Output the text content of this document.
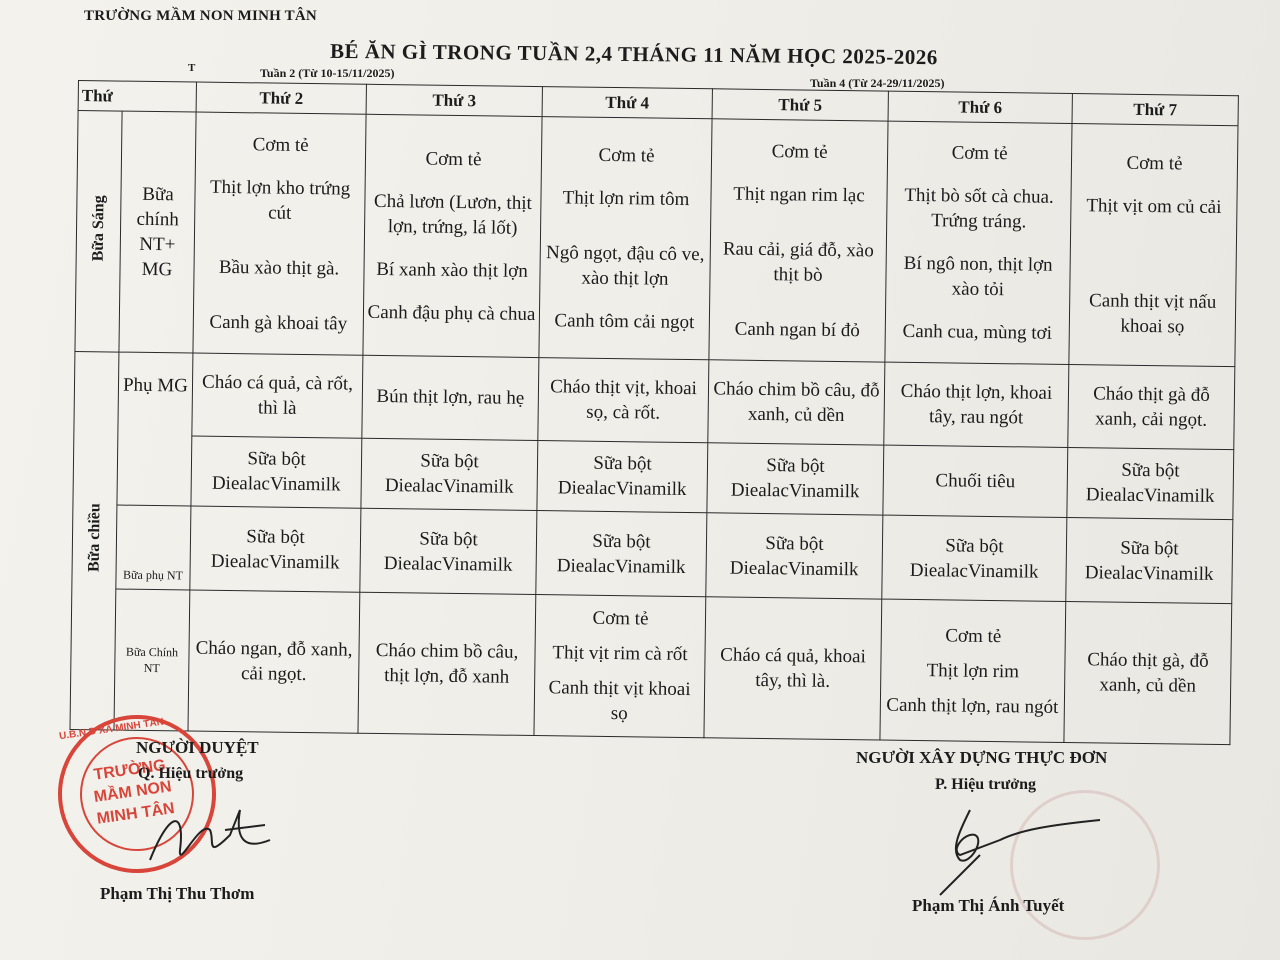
TRƯỜNG MẦM NON MINH TÂN
BÉ ĂN GÌ TRONG TUẦN 2,4 THÁNG 11 NĂM HỌC 2025-2026
T	Tuần 2 (Từ 10-15/11/2025)
Tuần 4 (Từ 24-29/11/2025)
Thứ		Thứ 2	Thứ 3	Thứ 4	Thứ 5	Thứ 6	Thứ 7
Bữa Sáng	Bữa chính NT+ MG	Cơm tẻ
Thịt lợn kho trứng cút
Bầu xào thịt gà.
Canh gà khoai tây	Cơm tẻ
Chả lươn (Lươn, thịt lợn, trứng, lá lốt)
Bí xanh xào thịt lợn
Canh đậu phụ cà chua	Cơm tẻ
Thịt lợn rim tôm
Ngô ngọt, đậu cô ve, xào thịt lợn
Canh tôm cải ngọt	Cơm tẻ
Thịt ngan rim lạc
Rau cải, giá đỗ, xào thịt bò
Canh ngan bí đỏ	Cơm tẻ
Thịt bò sốt cà chua. Trứng tráng.
Bí ngô non, thịt lợn xào tỏi
Canh cua, mùng tơi	Cơm tẻ
Thịt vịt om củ cải
Canh thịt vịt nấu khoai sọ

Bữa chiều	Phụ MG	Cháo cá quả, cà rốt, thì là	Bún thịt lợn, rau hẹ	Cháo thịt vịt, khoai sọ, cà rốt.	Cháo chim bồ câu, đỗ xanh, củ dền	Cháo thịt lợn, khoai tây, rau ngót	Cháo thịt gà đỗ xanh, cải ngọt.
		Sữa bột DiealacVinamilk	Sữa bột DiealacVinamilk	Sữa bột DiealacVinamilk	Sữa bột DiealacVinamilk	Chuối tiêu	Sữa bột DiealacVinamilk
	Bữa phụ NT	Sữa bột DiealacVinamilk	Sữa bột DiealacVinamilk	Sữa bột DiealacVinamilk	Sữa bột DiealacVinamilk	Sữa bột DiealacVinamilk	Sữa bột DiealacVinamilk
	Bữa Chính NT	Cháo ngan, đỗ xanh, cải ngọt.	Cháo chim bồ câu, thịt lợn, đỗ xanh	Cơm tẻ
Thịt vịt rim cà rốt
Canh thịt vịt khoai sọ	Cháo cá quả, khoai tây, thì là.	Cơm tẻ
Thịt lợn rim
Canh thịt lợn, rau ngót	Cháo thịt gà, đỗ xanh, củ dền
U.B.N.D XÃ MINH TÂN
TRƯỜNG
MẦM NON
MINH TÂN
NGƯỜI DUYỆT
Q. Hiệu trưởng
Phạm Thị Thu Thơm
NGƯỜI XÂY DỰNG THỰC ĐƠN
P. Hiệu trưởng
Phạm Thị Ánh Tuyết
